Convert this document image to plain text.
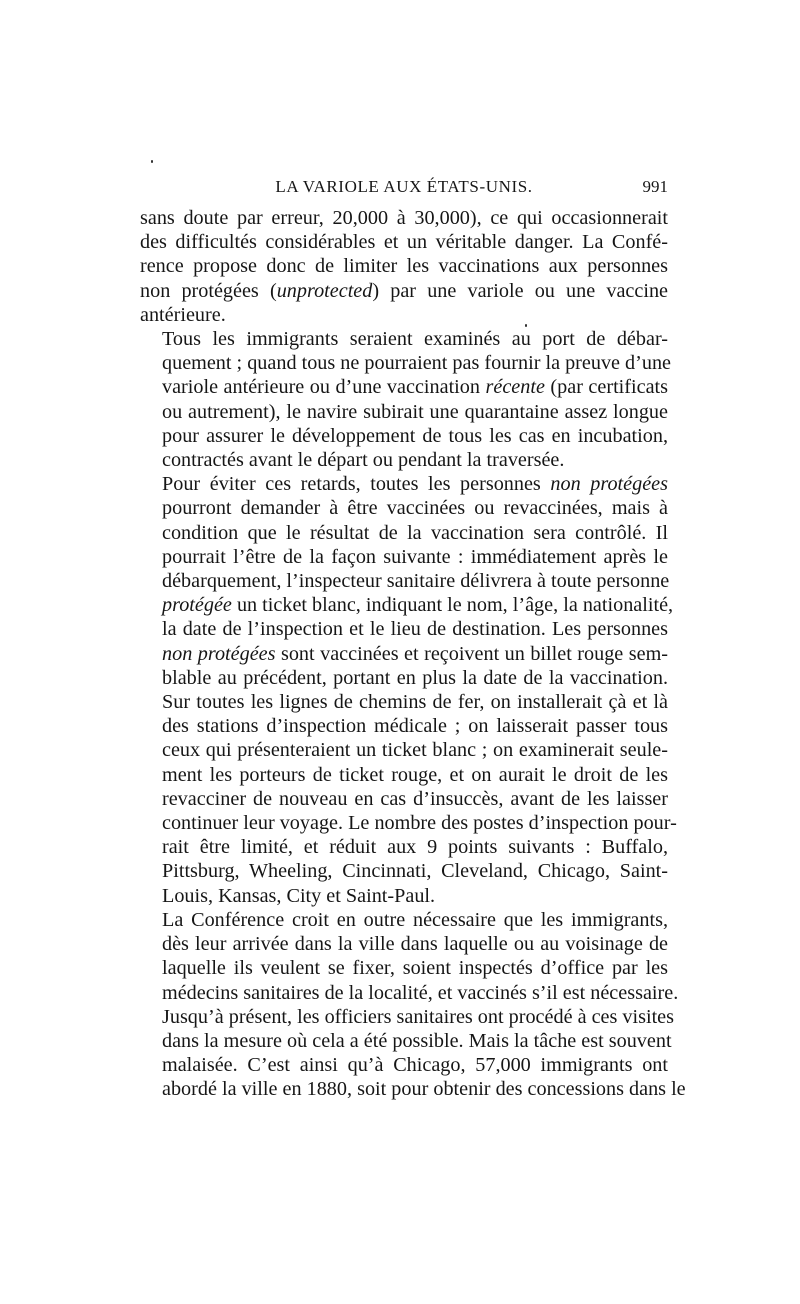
LA VARIOLE AUX ÉTATS-UNIS.	991

sans doute par erreur, 20,000 à 30,000), ce qui occasionnerait
des difficultés considérables et un véritable danger. La Confé-
rence propose donc de limiter les vaccinations aux personnes
non protégées (unprotected) par une variole ou une vaccine
antérieure.

Tous les immigrants seraient examinés au port de débar-
quement ; quand tous ne pourraient pas fournir la preuve d’une
variole antérieure ou d’une vaccination récente (par certificats
ou autrement), le navire subirait une quarantaine assez longue
pour assurer le développement de tous les cas en incubation,
contractés avant le départ ou pendant la traversée.

Pour éviter ces retards, toutes les personnes non protégées
pourront demander à être vaccinées ou revaccinées, mais à
condition que le résultat de la vaccination sera contrôlé. Il
pourrait l’être de la façon suivante : immédiatement après le
débarquement, l’inspecteur sanitaire délivrera à toute personne
protégée un ticket blanc, indiquant le nom, l’âge, la nationalité,
la date de l’inspection et le lieu de destination. Les personnes
non protégées sont vaccinées et reçoivent un billet rouge sem-
blable au précédent, portant en plus la date de la vaccination.
Sur toutes les lignes de chemins de fer, on installerait çà et là
des stations d’inspection médicale ; on laisserait passer tous
ceux qui présenteraient un ticket blanc ; on examinerait seule-
ment les porteurs de ticket rouge, et on aurait le droit de les
revacciner de nouveau en cas d’insuccès, avant de les laisser
continuer leur voyage. Le nombre des postes d’inspection pour-
rait être limité, et réduit aux 9 points suivants : Buffalo,
Pittsburg, Wheeling, Cincinnati, Cleveland, Chicago, Saint-
Louis, Kansas, City et Saint-Paul.

La Conférence croit en outre nécessaire que les immigrants,
dès leur arrivée dans la ville dans laquelle ou au voisinage de
laquelle ils veulent se fixer, soient inspectés d’office par les
médecins sanitaires de la localité, et vaccinés s’il est nécessaire.
Jusqu’à présent, les officiers sanitaires ont procédé à ces visites
dans la mesure où cela a été possible. Mais la tâche est souvent
malaisée. C’est ainsi qu’à Chicago, 57,000 immigrants ont
abordé la ville en 1880, soit pour obtenir des concessions dans le
